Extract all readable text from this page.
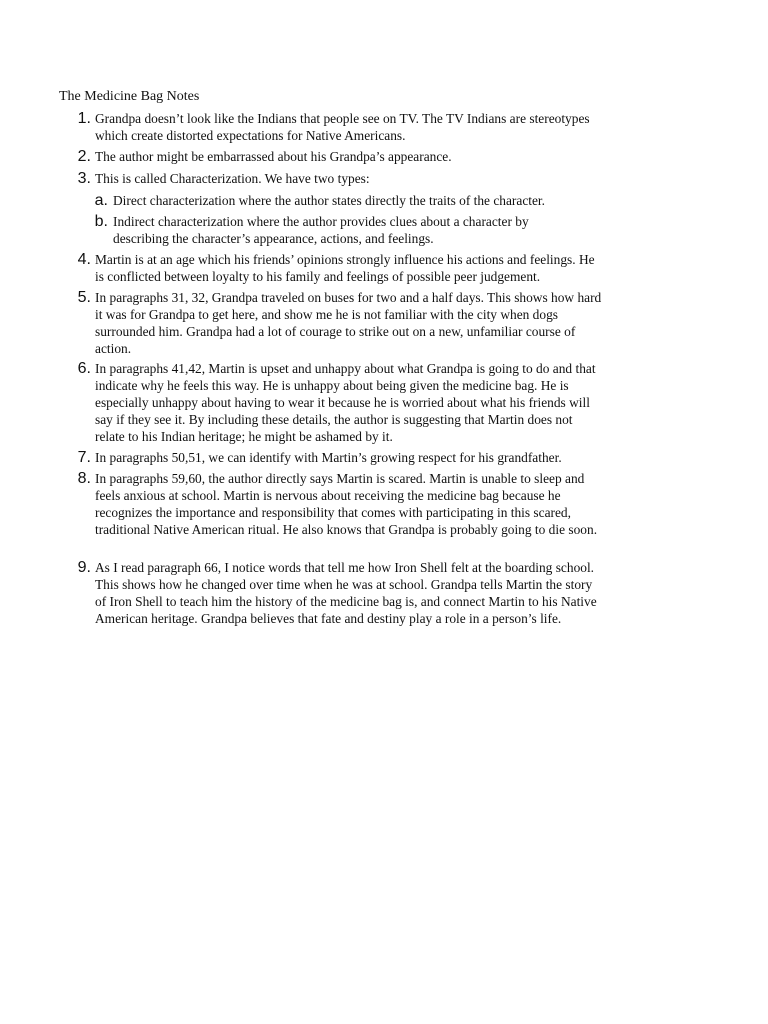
The Medicine Bag Notes
1. Grandpa doesn’t look like the Indians that people see on TV. The TV Indians are stereotypes which create distorted expectations for Native Americans.
2. The author might be embarrassed about his Grandpa’s appearance.
3. This is called Characterization. We have two types:
a. Direct characterization where the author states directly the traits of the character.
b. Indirect characterization where the author provides clues about a character by describing the character’s appearance, actions, and feelings.
4. Martin is at an age which his friends’ opinions strongly influence his actions and feelings. He is conflicted between loyalty to his family and feelings of possible peer judgement.
5. In paragraphs 31, 32, Grandpa traveled on buses for two and a half days. This shows how hard it was for Grandpa to get here, and show me he is not familiar with the city when dogs surrounded him. Grandpa had a lot of courage to strike out on a new, unfamiliar course of action.
6. In paragraphs 41,42, Martin is upset and unhappy about what Grandpa is going to do and that indicate why he feels this way. He is unhappy about being given the medicine bag. He is especially unhappy about having to wear it because he is worried about what his friends will say if they see it. By including these details, the author is suggesting that Martin does not relate to his Indian heritage; he might be ashamed by it.
7. In paragraphs 50,51, we can identify with Martin’s growing respect for his grandfather.
8. In paragraphs 59,60, the author directly says Martin is scared. Martin is unable to sleep and feels anxious at school. Martin is nervous about receiving the medicine bag because he recognizes the importance and responsibility that comes with participating in this scared, traditional Native American ritual. He also knows that Grandpa is probably going to die soon.
9. As I read paragraph 66, I notice words that tell me how Iron Shell felt at the boarding school. This shows how he changed over time when he was at school. Grandpa tells Martin the story of Iron Shell to teach him the history of the medicine bag is, and connect Martin to his Native American heritage. Grandpa believes that fate and destiny play a role in a person’s life.
